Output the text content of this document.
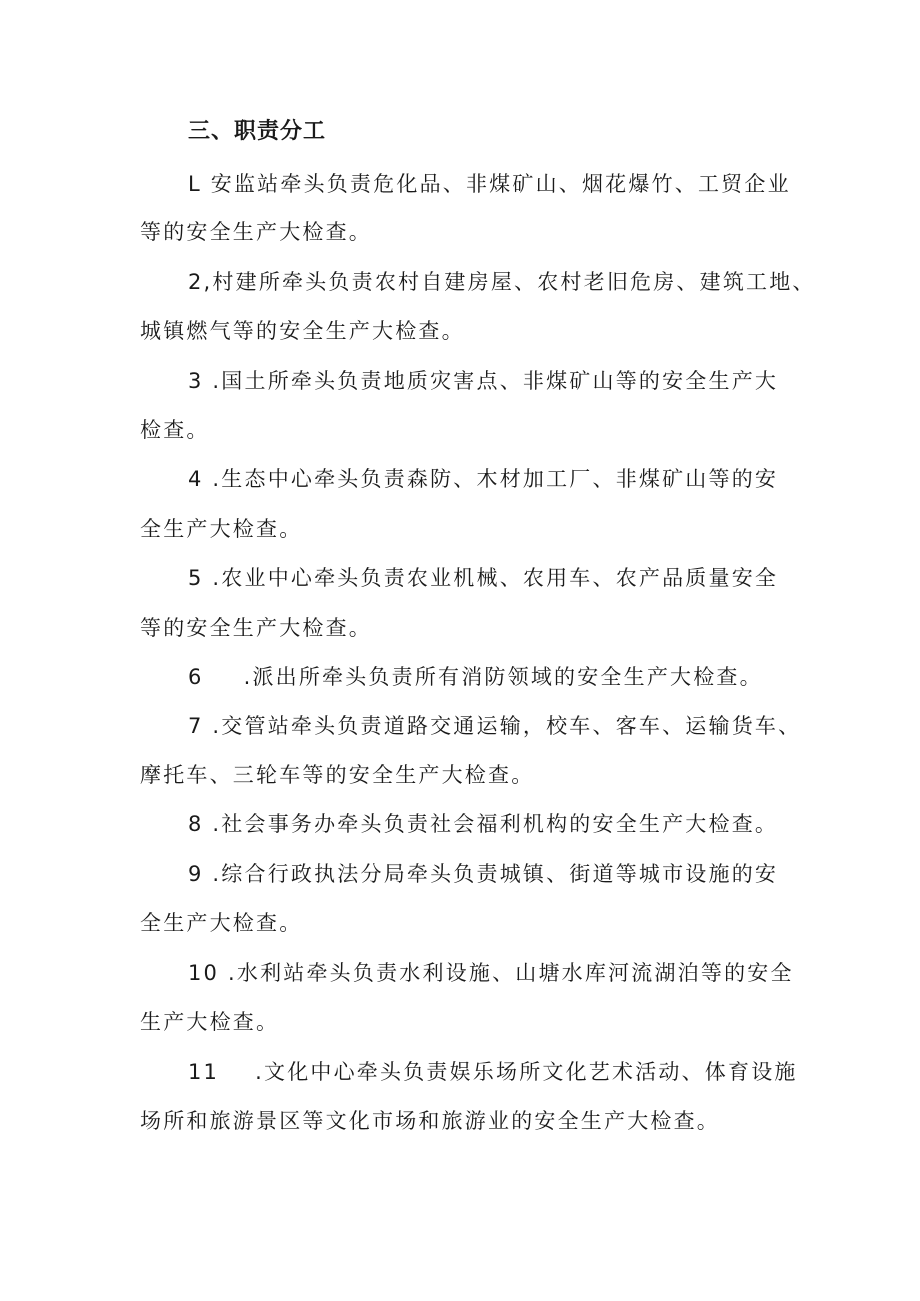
三、职责分工
L 安监站牵头负责危化品、非煤矿山、烟花爆竹、工贸企业
等的安全生产大检查。
2,村建所牵头负责农村自建房屋、农村老旧危房、建筑工地、
城镇燃气等的安全生产大检查。
3 .国土所牵头负责地质灾害点、非煤矿山等的安全生产大
检查。
4 .生态中心牵头负责森防、木材加工厂、非煤矿山等的安
全生产大检查。
5 .农业中心牵头负责农业机械、农用车、农产品质量安全
等的安全生产大检查。
6 .派出所牵头负责所有消防领域的安全生产大检查。
7 .交管站牵头负责道路交通运输，校车、客车、运输货车、
摩托车、三轮车等的安全生产大检查。
8 .社会事务办牵头负责社会福利机构的安全生产大检查。
9 .综合行政执法分局牵头负责城镇、街道等城市设施的安
全生产大检查。
10 .水利站牵头负责水利设施、山塘水库河流湖泊等的安全
生产大检查。
11 .文化中心牵头负责娱乐场所文化艺术活动、体育设施
场所和旅游景区等文化市场和旅游业的安全生产大检查。
